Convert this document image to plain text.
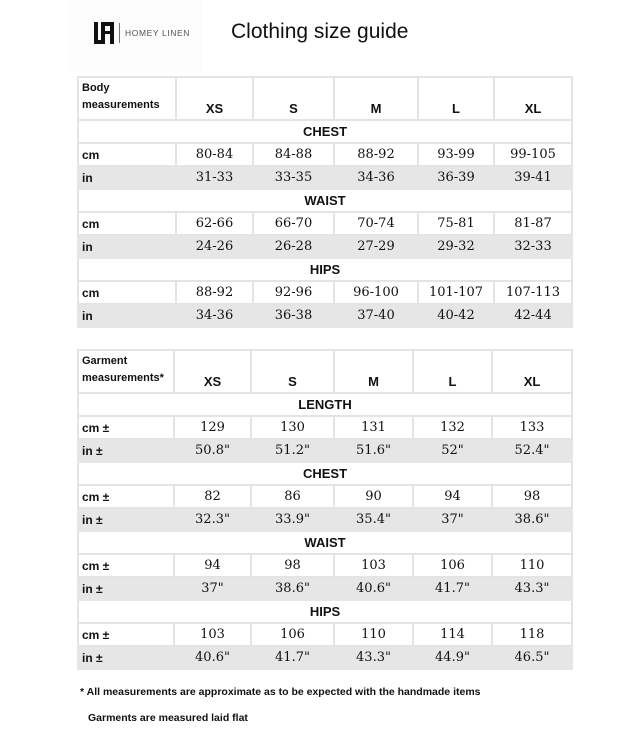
HOMEY LINEN Clothing size guide
Body
measurements	XS	S	M	L	XL
CHEST					
cm	80-84	84-88	88-92	93-99	99-105
in	31-33	33-35	34-36	36-39	39-41
WAIST					
cm	62-66	66-70	70-74	75-81	81-87
in	24-26	26-28	27-29	29-32	32-33
HIPS					
cm	88-92	92-96	96-100	101-107	107-113
in	34-36	36-38	37-40	40-42	42-44
Garment
measurements*	XS	S	M	L	XL
LENGTH					
cm ±	129	130	131	132	133
in ±	50.8"	51.2"	51.6"	52"	52.4"
CHEST					
cm ±	82	86	90	94	98
in ±	32.3"	33.9"	35.4"	37"	38.6"
WAIST					
cm ±	94	98	103	106	110
in ±	37"	38.6"	40.6"	41.7"	43.3"
HIPS					
cm ±	103	106	110	114	118
in ±	40.6"	41.7"	43.3"	44.9"	46.5"
* All measurements are approximate as to be expected with the handmade items
Garments are measured laid flat
